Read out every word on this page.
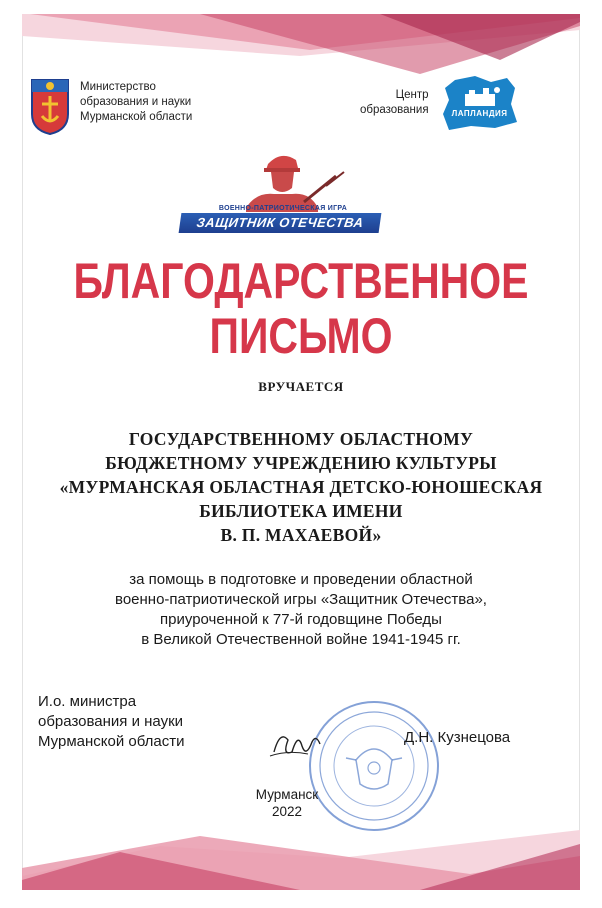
Министерство
образования и науки
Мурманской области
Центр
образования	ЛАПЛАНДИЯ
ВОЕННО-ПАТРИОТИЧЕСКАЯ ИГРА
ЗАЩИТНИК ОТЕЧЕСТВА
БЛАГОДАРСТВЕННОЕ
ПИСЬМО
ВРУЧАЕТСЯ
ГОСУДАРСТВЕННОМУ ОБЛАСТНОМУ
БЮДЖЕТНОМУ УЧРЕЖДЕНИЮ КУЛЬТУРЫ
«МУРМАНСКАЯ ОБЛАСТНАЯ ДЕТСКО-ЮНОШЕСКАЯ
БИБЛИОТЕКА ИМЕНИ
В. П. МАХАЕВОЙ»
за помощь в подготовке и проведении областной
военно-патриотической игры «Защитник Отечества»,
приуроченной к 77-й годовщине Победы
в Великой Отечественной войне 1941-1945 гг.
И.о. министра
образования и науки
Мурманской области	Д.Н. Кузнецова
Мурманск
2022
